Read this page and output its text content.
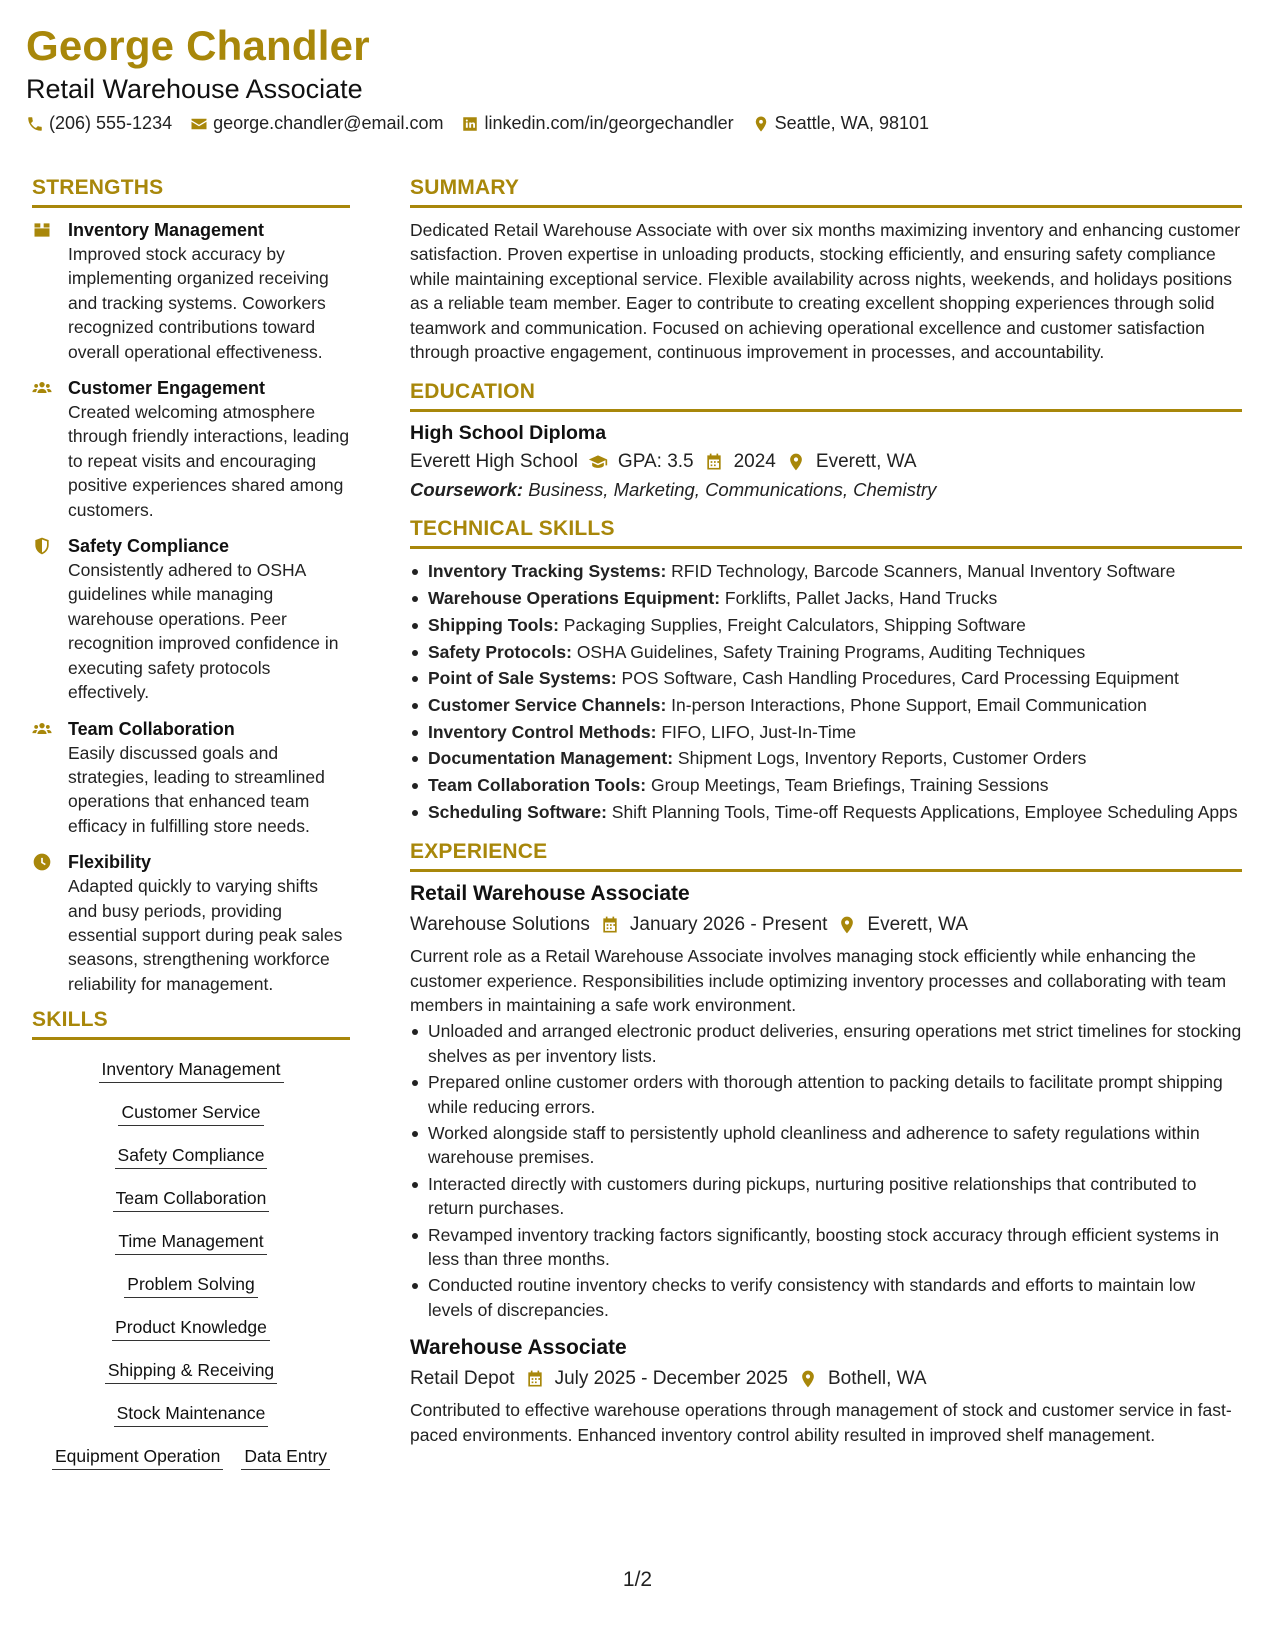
George Chandler
Retail Warehouse Associate
(206) 555-1234 george.chandler@email.com linkedin.com/in/georgechandler Seattle, WA, 98101
STRENGTHS
Inventory Management
Improved stock accuracy by implementing organized receiving and tracking systems. Coworkers recognized contributions toward overall operational effectiveness.
Customer Engagement
Created welcoming atmosphere through friendly interactions, leading to repeat visits and encouraging positive experiences shared among customers.
Safety Compliance
Consistently adhered to OSHA guidelines while managing warehouse operations. Peer recognition improved confidence in executing safety protocols effectively.
Team Collaboration
Easily discussed goals and strategies, leading to streamlined operations that enhanced team efficacy in fulfilling store needs.
Flexibility
Adapted quickly to varying shifts and busy periods, providing essential support during peak sales seasons, strengthening workforce reliability for management.
SKILLS
Inventory Management
Customer Service
Safety Compliance
Team Collaboration
Time Management
Problem Solving
Product Knowledge
Shipping & Receiving
Stock Maintenance
Equipment Operation Data Entry
SUMMARY
Dedicated Retail Warehouse Associate with over six months maximizing inventory and enhancing customer satisfaction. Proven expertise in unloading products, stocking efficiently, and ensuring safety compliance while maintaining exceptional service. Flexible availability across nights, weekends, and holidays positions as a reliable team member. Eager to contribute to creating excellent shopping experiences through solid teamwork and communication. Focused on achieving operational excellence and customer satisfaction through proactive engagement, continuous improvement in processes, and accountability.
EDUCATION
High School Diploma
Everett High School GPA: 3.5 2024 Everett, WA
Coursework: Business, Marketing, Communications, Chemistry
TECHNICAL SKILLS
Inventory Tracking Systems: RFID Technology, Barcode Scanners, Manual Inventory Software
Warehouse Operations Equipment: Forklifts, Pallet Jacks, Hand Trucks
Shipping Tools: Packaging Supplies, Freight Calculators, Shipping Software
Safety Protocols: OSHA Guidelines, Safety Training Programs, Auditing Techniques
Point of Sale Systems: POS Software, Cash Handling Procedures, Card Processing Equipment
Customer Service Channels: In-person Interactions, Phone Support, Email Communication
Inventory Control Methods: FIFO, LIFO, Just-In-Time
Documentation Management: Shipment Logs, Inventory Reports, Customer Orders
Team Collaboration Tools: Group Meetings, Team Briefings, Training Sessions
Scheduling Software: Shift Planning Tools, Time-off Requests Applications, Employee Scheduling Apps
EXPERIENCE
Retail Warehouse Associate
Warehouse Solutions January 2026 - Present Everett, WA
Current role as a Retail Warehouse Associate involves managing stock efficiently while enhancing the customer experience. Responsibilities include optimizing inventory processes and collaborating with team members in maintaining a safe work environment.
Unloaded and arranged electronic product deliveries, ensuring operations met strict timelines for stocking shelves as per inventory lists.
Prepared online customer orders with thorough attention to packing details to facilitate prompt shipping while reducing errors.
Worked alongside staff to persistently uphold cleanliness and adherence to safety regulations within warehouse premises.
Interacted directly with customers during pickups, nurturing positive relationships that contributed to return purchases.
Revamped inventory tracking factors significantly, boosting stock accuracy through efficient systems in less than three months.
Conducted routine inventory checks to verify consistency with standards and efforts to maintain low levels of discrepancies.
Warehouse Associate
Retail Depot July 2025 - December 2025 Bothell, WA
Contributed to effective warehouse operations through management of stock and customer service in fast-paced environments. Enhanced inventory control ability resulted in improved shelf management.
1/2
